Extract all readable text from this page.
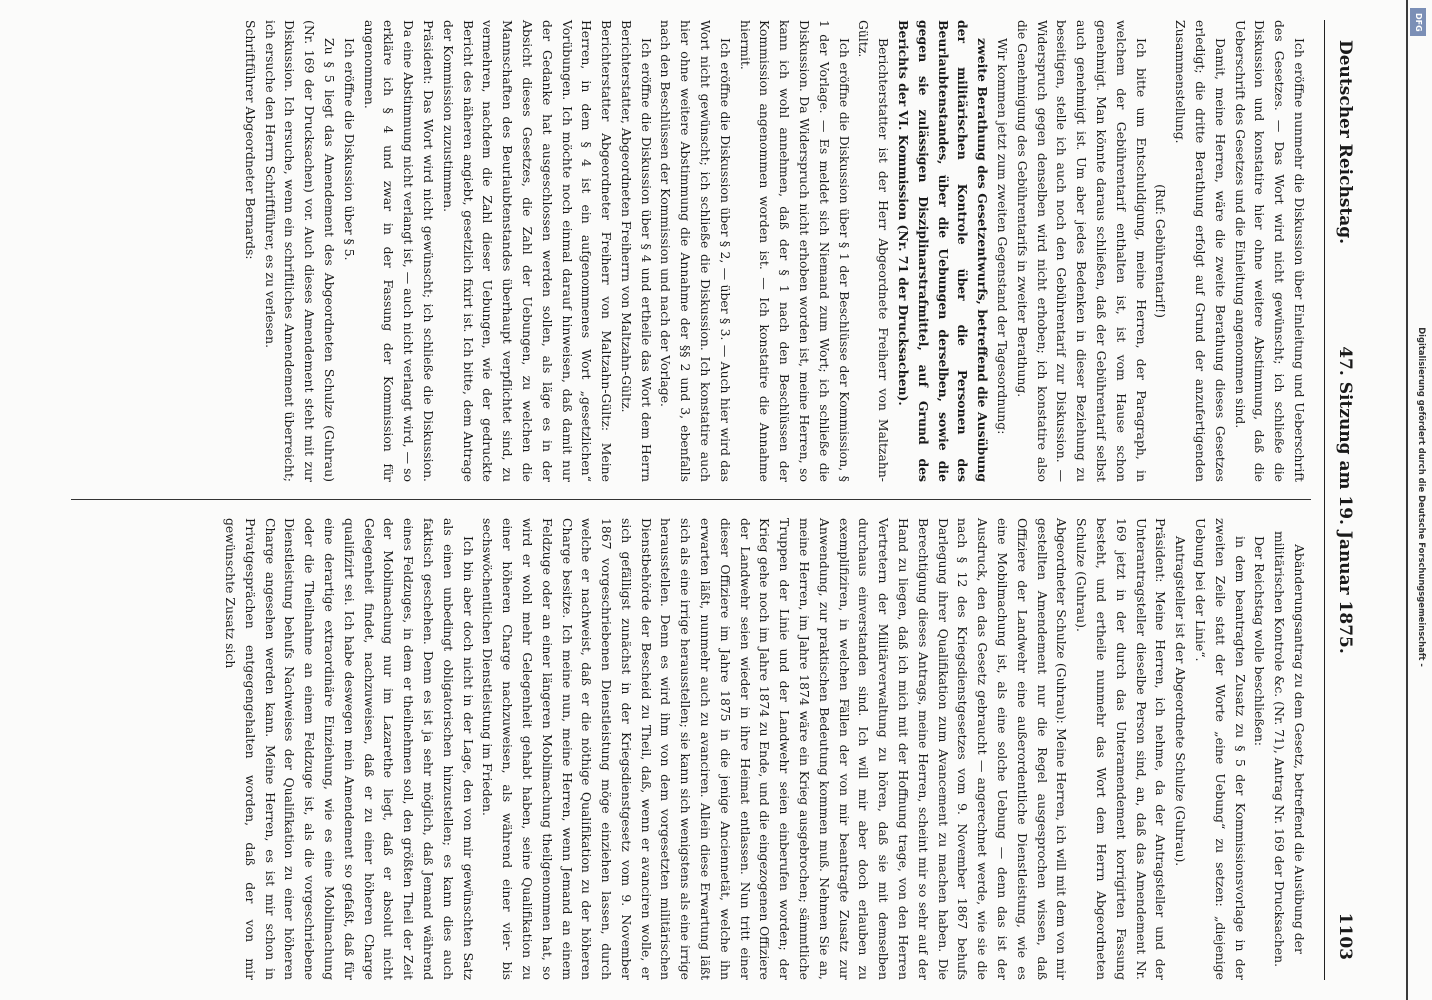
Deutscher Reichstag.
47. Sitzung am 19. Januar 1875.
1103

Ich eröffne nunmehr die Diskussion über Einleitung und Ueberschrift des Gesetzes. — Das Wort wird nicht gewünscht; ich schließe die Diskussion und konstatire hier ohne weitere Abstimmung, daß die Ueberschrift des Gesetzes und die Einleitung angenommen sind.

Damit, meine Herren, wäre die zweite Berathung dieses Gesetzes erledigt; die dritte Berathung erfolgt auf Grund der anzufertigenden Zusammenstellung.

(Ruf: Gebührentarif!)

Ich bitte um Entschuldigung, meine Herren, der Paragraph, in welchem der Gebührentarif enthalten ist, ist vom Hause schon genehmigt. Man könnte daraus schließen, daß der Gebührentarif selbst auch genehmigt ist. Um aber jedes Bedenken in dieser Beziehung zu beseitigen, stelle ich auch noch den Gebührentarif zur Diskussion. — Widerspruch gegen denselben wird nicht erhoben; ich konstatire also die Genehmigung des Gebührentarifs in zweiter Berathung.

Wir kommen jetzt zum zweiten Gegenstand der Tagesordnung:

zweite Berathung des Gesetzentwurfs, betreffend die Ausübung der militärischen Kontrole über die Personen des Beurlaubtenstandes, über die Uebungen derselben, sowie die gegen sie zulässigen Disziplinarstrafmittel, auf Grund des Berichts der VI. Kommission (Nr. 71 der Drucksachen).

Berichterstatter ist der Herr Abgeordnete Freiherr von Maltzahn-Gültz.

Ich eröffne die Diskussion über § 1 der Beschlüsse der Kommission, § 1 der Vorlage. — Es meldet sich Niemand zum Wort; ich schließe die Diskussion. Da Widerspruch nicht erhoben worden ist, meine Herren, so kann ich wohl annehmen, daß der § 1 nach den Beschlüssen der Kommission angenommen worden ist. — Ich konstatire die Annahme hiermit.

Ich eröffne die Diskussion über § 2, — über § 3. — Auch hier wird das Wort nicht gewünscht; ich schließe die Diskussion. Ich konstatire auch hier ohne weitere Abstimmung die Annahme der §§ 2 und 3, ebenfalls nach den Beschlüssen der Kommission und nach der Vorlage.

Ich eröffne die Diskussion über § 4 und ertheile das Wort dem Herrn Berichterstatter, Abgeordneten Freiherrn von Maltzahn-Gültz.

Berichterstatter Abgeordneter Freiherr von Maltzahn-Gültz: Meine Herren, in dem § 4 ist ein aufgenommenes Wort „gesetzlichen“ Vorübungen. Ich möchte noch einmal darauf hinweisen, daß damit nur der Gedanke hat ausgeschlossen werden sollen, als läge es in der Absicht dieses Gesetzes, die Zahl der Uebungen, zu welchen die Mannschaften des Beurlaubtenstandes überhaupt verpflichtet sind, zu vermehren, nachdem die Zahl dieser Uebungen, wie der gedruckte Bericht des näheren angiebt, gesetzlich fixirt ist. Ich bitte, dem Antrage der Kommission zuzustimmen.

Präsident: Das Wort wird nicht gewünscht; ich schließe die Diskussion. Da eine Abstimmung nicht verlangt ist, — auch nicht verlangt wird, — so erkläre ich § 4 und zwar in der Fassung der Kommission für angenommen.

Ich eröffne die Diskussion über § 5.

Zu § 5 liegt das Amendement des Abgeordneten Schulze (Guhrau) (Nr. 169 der Drucksachen) vor. Auch dieses Amendement steht mit zur Diskussion. Ich ersuche, wenn ein schriftliches Amendement überreicht; ich ersuche den Herrn Schriftführer, es zu verlesen.

Schriftführer Abgeordneter Bernards:

Abänderungsantrag zu dem Gesetz, betreffend die Ausübung der militärischen Kontrole &c. (Nr. 71), Antrag Nr. 169 der Drucksachen.

Der Reichstag wolle beschließen:

in dem beantragten Zusatz zu § 5 der Kommissionsvorlage in der zweiten Zeile statt der Worte „eine Uebung“ zu setzen: „diejenige Uebung bei der Linie“.

Antragsteller ist der Abgeordnete Schulze (Guhrau).

Präsident: Meine Herren, ich nehme, da der Antragsteller und der Unterantragsteller dieselbe Person sind, an, daß das Amendement Nr. 169 jetzt in der durch das Unteramendement korrigirten Fassung besteht, und ertheile nunmehr das Wort dem Herrn Abgeordneten Schulze (Guhrau).

Abgeordneter Schulze (Guhrau): Meine Herren, ich will mit dem von mir gestellten Amendement nur die Regel ausgesprochen wissen, daß Offiziere der Landwehr eine außerordentliche Dienstleistung, wie es eine Mobilmachung ist, als eine solche Uebung — denn das ist der Ausdruck, den das Gesetz gebraucht — angerechnet werde, wie sie die nach § 12 des Kriegsdienstgesetzes vom 9. November 1867 behufs Darlegung ihrer Qualifikation zum Avancement zu machen haben. Die Berechtigung dieses Antrags, meine Herren, scheint mir so sehr auf der Hand zu liegen, daß ich mich mit der Hoffnung trage, von den Herren Vertretern der Militärverwaltung zu hören, daß sie mit demselben durchaus einverstanden sind. Ich will mir aber doch erlauben zu exemplifiziren, in welchen Fällen der von mir beantragte Zusatz zur Anwendung, zur praktischen Bedeutung kommen muß. Nehmen Sie an, meine Herren, im Jahre 1874 wäre ein Krieg ausgebrochen; sämmtliche Truppen der Linie und der Landwehr seien einberufen worden; der Krieg gehe noch im Jahre 1874 zu Ende, und die eingezogenen Offiziere der Landwehr seien wieder in ihre Heimat entlassen. Nun tritt einer dieser Offiziere im Jahre 1875 in die jenige Anciennetät, welche ihn erwarten läßt, nunmehr auch zu avanciren. Allein diese Erwartung läßt sich als eine irrige herausstellen; sie kann sich wenigstens als eine irrige herausstellen. Denn es wird ihm von dem vorgesetzten militärischen Dienstbehörde der Bescheid zu Theil, daß, wenn er avanciren wolle, er sich gefälligst zunächst in der Kriegsdienstgesetz vom 9. November 1867 vorgeschriebenen Dienstleistung möge einziehen lassen, durch welche er nachweist, daß er die nöthige Qualifikation zu der höheren Charge besitze. Ich meine nun, meine Herren, wenn Jemand an einem Feldzuge oder an einer längeren Mobilmachung theilgenommen hat, so wird er wohl mehr Gelegenheit gehabt haben, seine Qualifikation zu einer höheren Charge nachzuweisen, als während einer vier- bis sechswöchentlichen Dienstleistung im Frieden.

Ich bin aber doch nicht in der Lage, den von mir gewünschten Satz als einen unbedingt obligatorischen hinzustellen; es kann dies auch faktisch geschehen. Denn es ist ja sehr möglich, daß Jemand während eines Feldzuges, in dem er theilnehmen soll, den größten Theil der Zeit der Mobilmachung nur im Lazarethe liegt, daß er absolut nicht Gelegenheit findet, nachzuweisen, daß er zu einer höheren Charge qualifizirt sei. Ich habe deswegen mein Amendement so gefaßt, daß für eine derartige extraordinäre Einziehung, wie es eine Mobilmachung oder die Theilnahme an einem Feldzuge ist, als die vorgeschriebene Dienstleistung behufs Nachweises der Qualifikation zu einer höheren Charge angesehen werden kann. Meine Herren, es ist mir schon in Privatgesprächen entgegengehalten worden, daß der von mir gewünschte Zusatz sich

DFG
Digitalisierung gefördert durch die Deutsche Forschungsgemeinschaft -
